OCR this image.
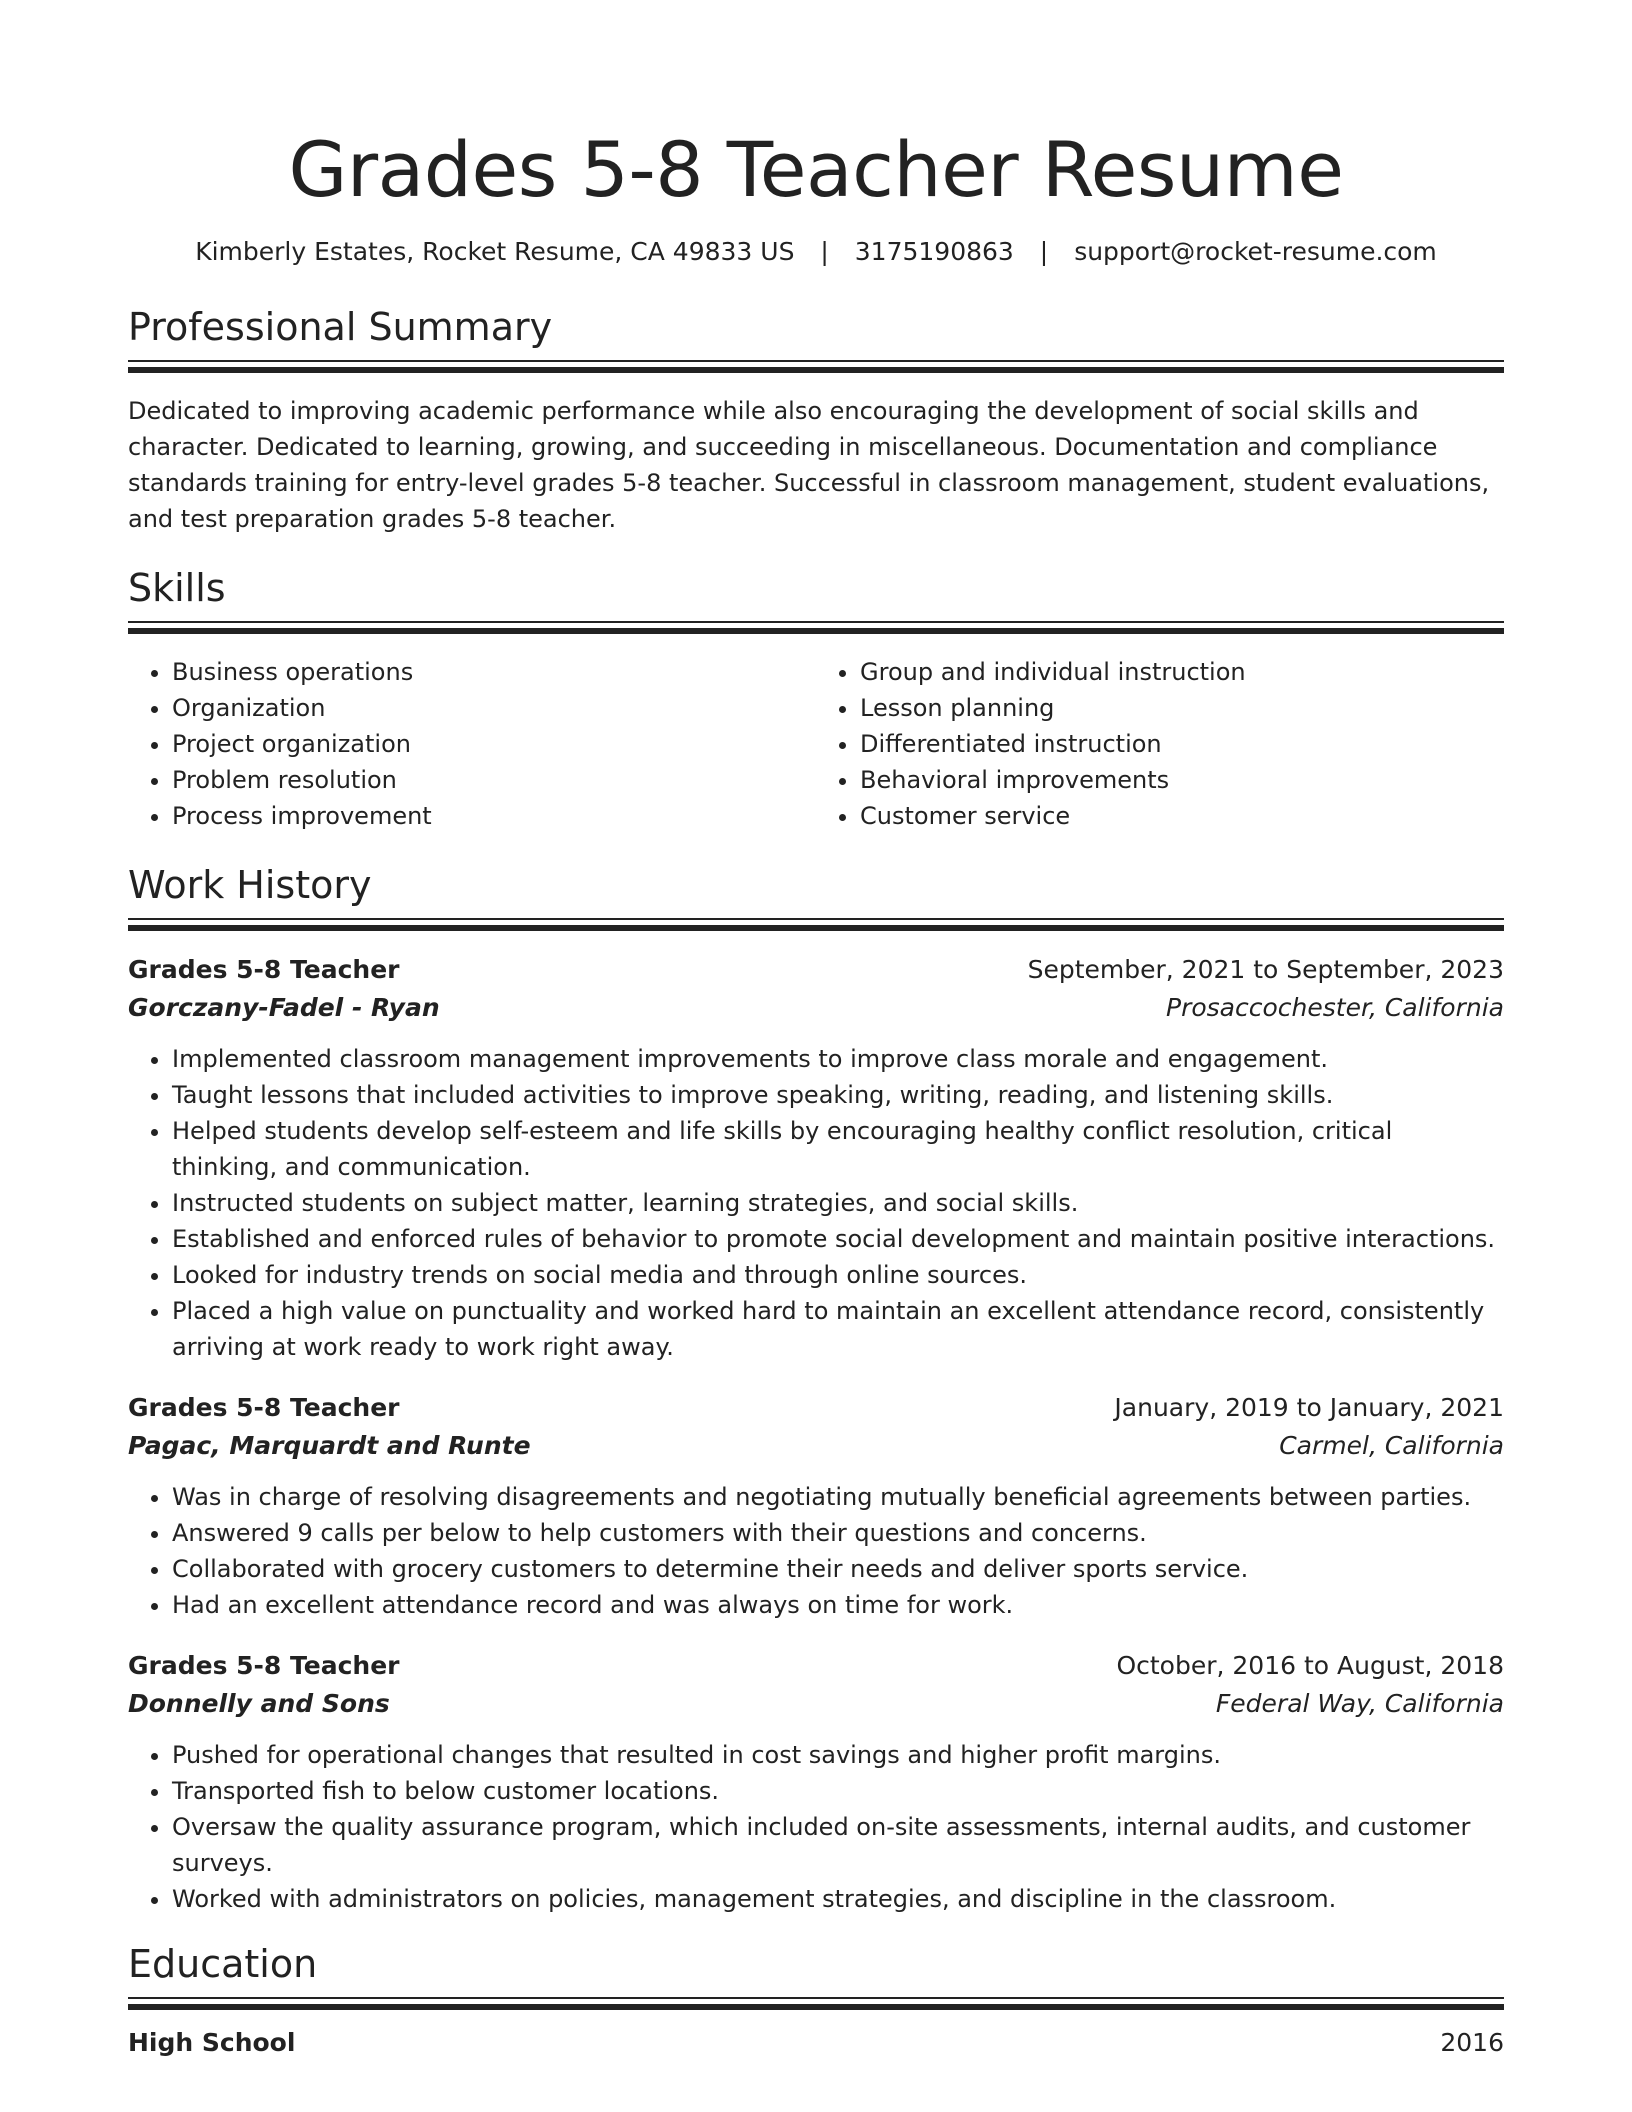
Grades 5-8 Teacher Resume
Kimberly Estates, Rocket Resume, CA 49833 US | 3175190863 | support@rocket-resume.com
Professional Summary

Dedicated to improving academic performance while also encouraging the development of social skills and character. Dedicated to learning, growing, and succeeding in miscellaneous. Documentation and compliance standards training for entry-level grades 5-8 teacher. Successful in classroom management, student evaluations, and test preparation grades 5-8 teacher.

Skills
• Business operations
• Organization
• Project organization
• Problem resolution
• Process improvement
• Group and individual instruction
• Lesson planning
• Differentiated instruction
• Behavioral improvements
• Customer service
Work History
Grades 5-8 Teacher	September, 2021 to September, 2023
Gorczany-Fadel - Ryan	Prosaccochester, California
• Implemented classroom management improvements to improve class morale and engagement.
• Taught lessons that included activities to improve speaking, writing, reading, and listening skills.
• Helped students develop self-esteem and life skills by encouraging healthy conflict resolution, critical thinking, and communication.
• Instructed students on subject matter, learning strategies, and social skills.
• Established and enforced rules of behavior to promote social development and maintain positive interactions.
• Looked for industry trends on social media and through online sources.
• Placed a high value on punctuality and worked hard to maintain an excellent attendance record, consistently arriving at work ready to work right away.
Grades 5-8 Teacher	January, 2019 to January, 2021
Pagac, Marquardt and Runte	Carmel, California
• Was in charge of resolving disagreements and negotiating mutually beneficial agreements between parties.
• Answered 9 calls per below to help customers with their questions and concerns.
• Collaborated with grocery customers to determine their needs and deliver sports service.
• Had an excellent attendance record and was always on time for work.
Grades 5-8 Teacher	October, 2016 to August, 2018
Donnelly and Sons	Federal Way, California
• Pushed for operational changes that resulted in cost savings and higher profit margins.
• Transported fish to below customer locations.
• Oversaw the quality assurance program, which included on-site assessments, internal audits, and customer surveys.
• Worked with administrators on policies, management strategies, and discipline in the classroom.
Education
High School	2016
